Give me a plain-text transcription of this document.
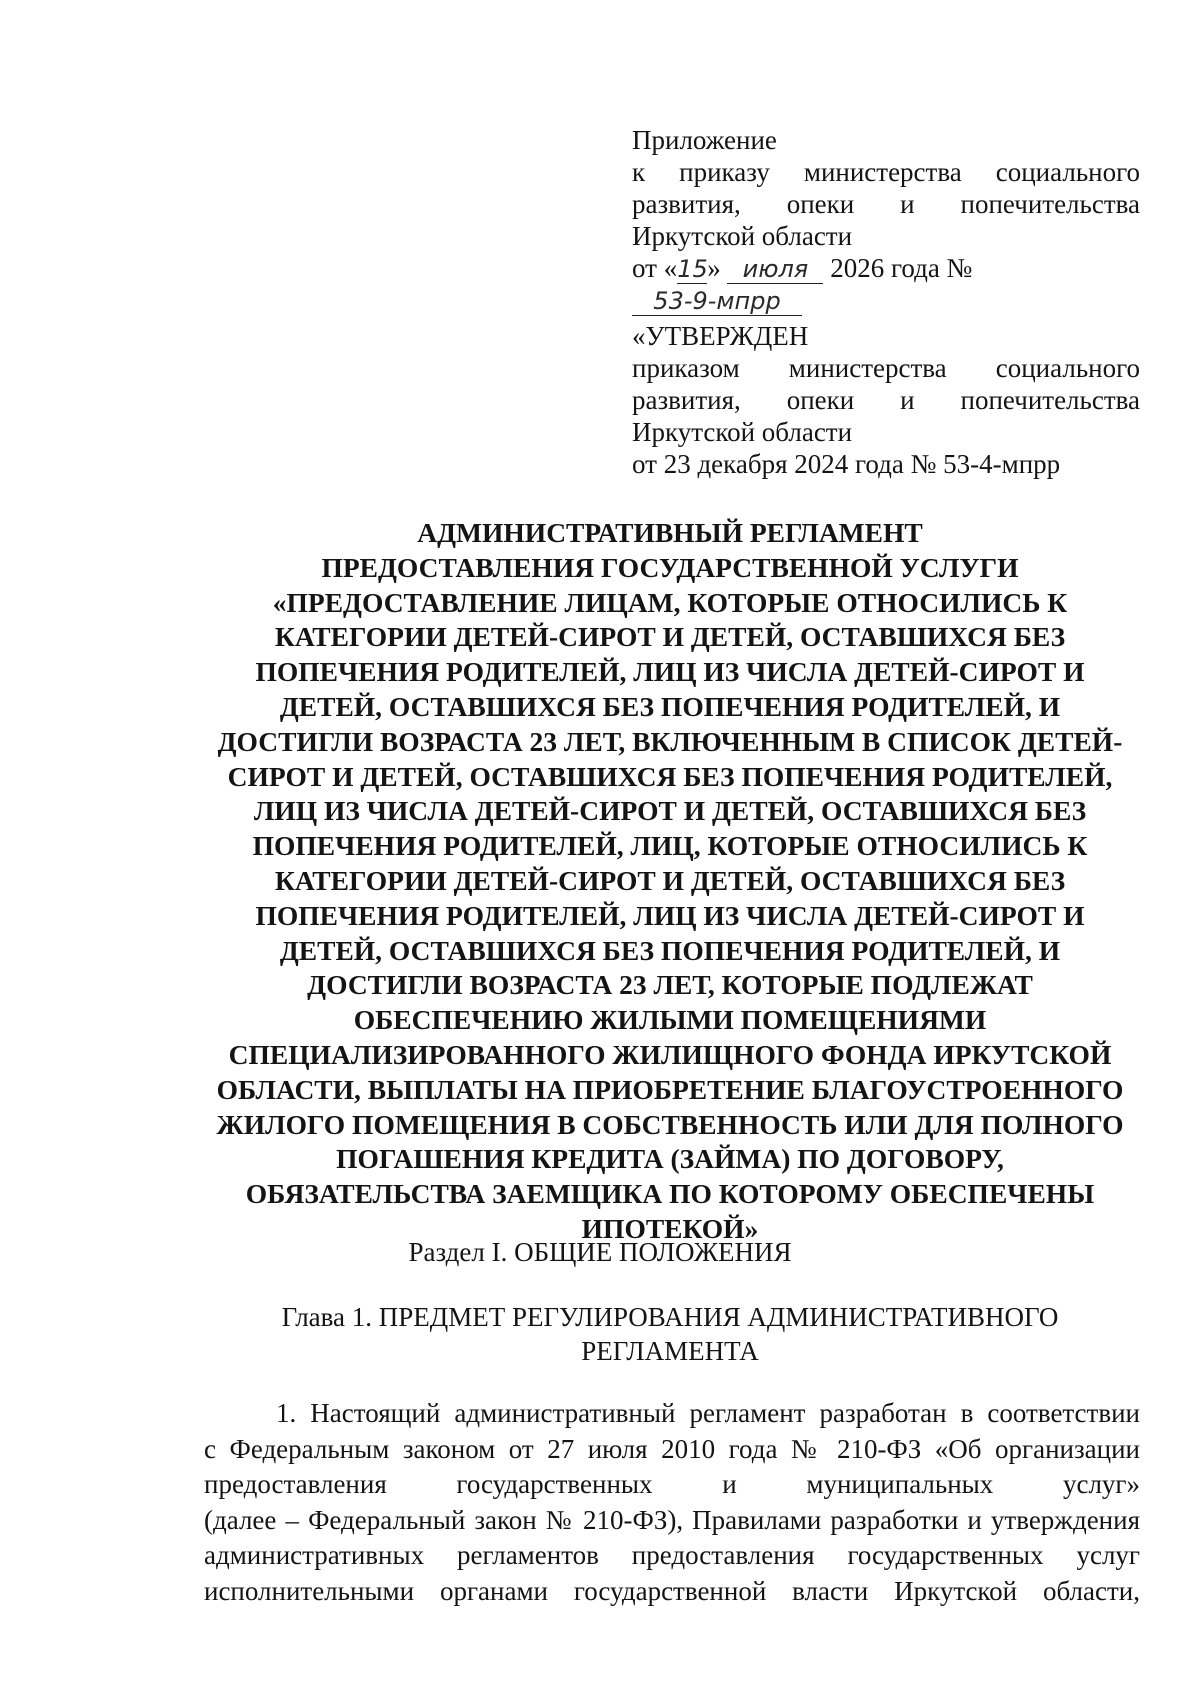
Приложение
к приказу министерства социального
развития, опеки и попечительства
Иркутской области
от «15» июля 2026 года № 53-9-мпрр
«УТВЕРЖДЕН
приказом министерства социального
развития, опеки и попечительства
Иркутской области
от 23 декабря 2024 года № 53-4-мпрр
АДМИНИСТРАТИВНЫЙ РЕГЛАМЕНТ
ПРЕДОСТАВЛЕНИЯ ГОСУДАРСТВЕННОЙ УСЛУГИ
«ПРЕДОСТАВЛЕНИЕ ЛИЦАМ, КОТОРЫЕ ОТНОСИЛИСЬ К
КАТЕГОРИИ ДЕТЕЙ-СИРОТ И ДЕТЕЙ, ОСТАВШИХСЯ БЕЗ
ПОПЕЧЕНИЯ РОДИТЕЛЕЙ, ЛИЦ ИЗ ЧИСЛА ДЕТЕЙ-СИРОТ И
ДЕТЕЙ, ОСТАВШИХСЯ БЕЗ ПОПЕЧЕНИЯ РОДИТЕЛЕЙ, И
ДОСТИГЛИ ВОЗРАСТА 23 ЛЕТ, ВКЛЮЧЕННЫМ В СПИСОК ДЕТЕЙ-
СИРОТ И ДЕТЕЙ, ОСТАВШИХСЯ БЕЗ ПОПЕЧЕНИЯ РОДИТЕЛЕЙ,
ЛИЦ ИЗ ЧИСЛА ДЕТЕЙ-СИРОТ И ДЕТЕЙ, ОСТАВШИХСЯ БЕЗ
ПОПЕЧЕНИЯ РОДИТЕЛЕЙ, ЛИЦ, КОТОРЫЕ ОТНОСИЛИСЬ К
КАТЕГОРИИ ДЕТЕЙ-СИРОТ И ДЕТЕЙ, ОСТАВШИХСЯ БЕЗ
ПОПЕЧЕНИЯ РОДИТЕЛЕЙ, ЛИЦ ИЗ ЧИСЛА ДЕТЕЙ-СИРОТ И
ДЕТЕЙ, ОСТАВШИХСЯ БЕЗ ПОПЕЧЕНИЯ РОДИТЕЛЕЙ, И
ДОСТИГЛИ ВОЗРАСТА 23 ЛЕТ, КОТОРЫЕ ПОДЛЕЖАТ
ОБЕСПЕЧЕНИЮ ЖИЛЫМИ ПОМЕЩЕНИЯМИ
СПЕЦИАЛИЗИРОВАННОГО ЖИЛИЩНОГО ФОНДА ИРКУТСКОЙ
ОБЛАСТИ, ВЫПЛАТЫ НА ПРИОБРЕТЕНИЕ БЛАГОУСТРОЕННОГО
ЖИЛОГО ПОМЕЩЕНИЯ В СОБСТВЕННОСТЬ ИЛИ ДЛЯ ПОЛНОГО
ПОГАШЕНИЯ КРЕДИТА (ЗАЙМА) ПО ДОГОВОРУ,
ОБЯЗАТЕЛЬСТВА ЗАЕМЩИКА ПО КОТОРОМУ ОБЕСПЕЧЕНЫ
ИПОТЕКОЙ»
Раздел I. ОБЩИЕ ПОЛОЖЕНИЯ
Глава 1. ПРЕДМЕТ РЕГУЛИРОВАНИЯ АДМИНИСТРАТИВНОГО
РЕГЛАМЕНТА
1. Настоящий административный регламент разработан в соответствии
с Федеральным законом от 27 июля 2010 года № 210-ФЗ «Об организации
предоставления государственных и муниципальных услуг»
(далее – Федеральный закон № 210-ФЗ), Правилами разработки и утверждения
административных регламентов предоставления государственных услуг
исполнительными органами государственной власти Иркутской области,
